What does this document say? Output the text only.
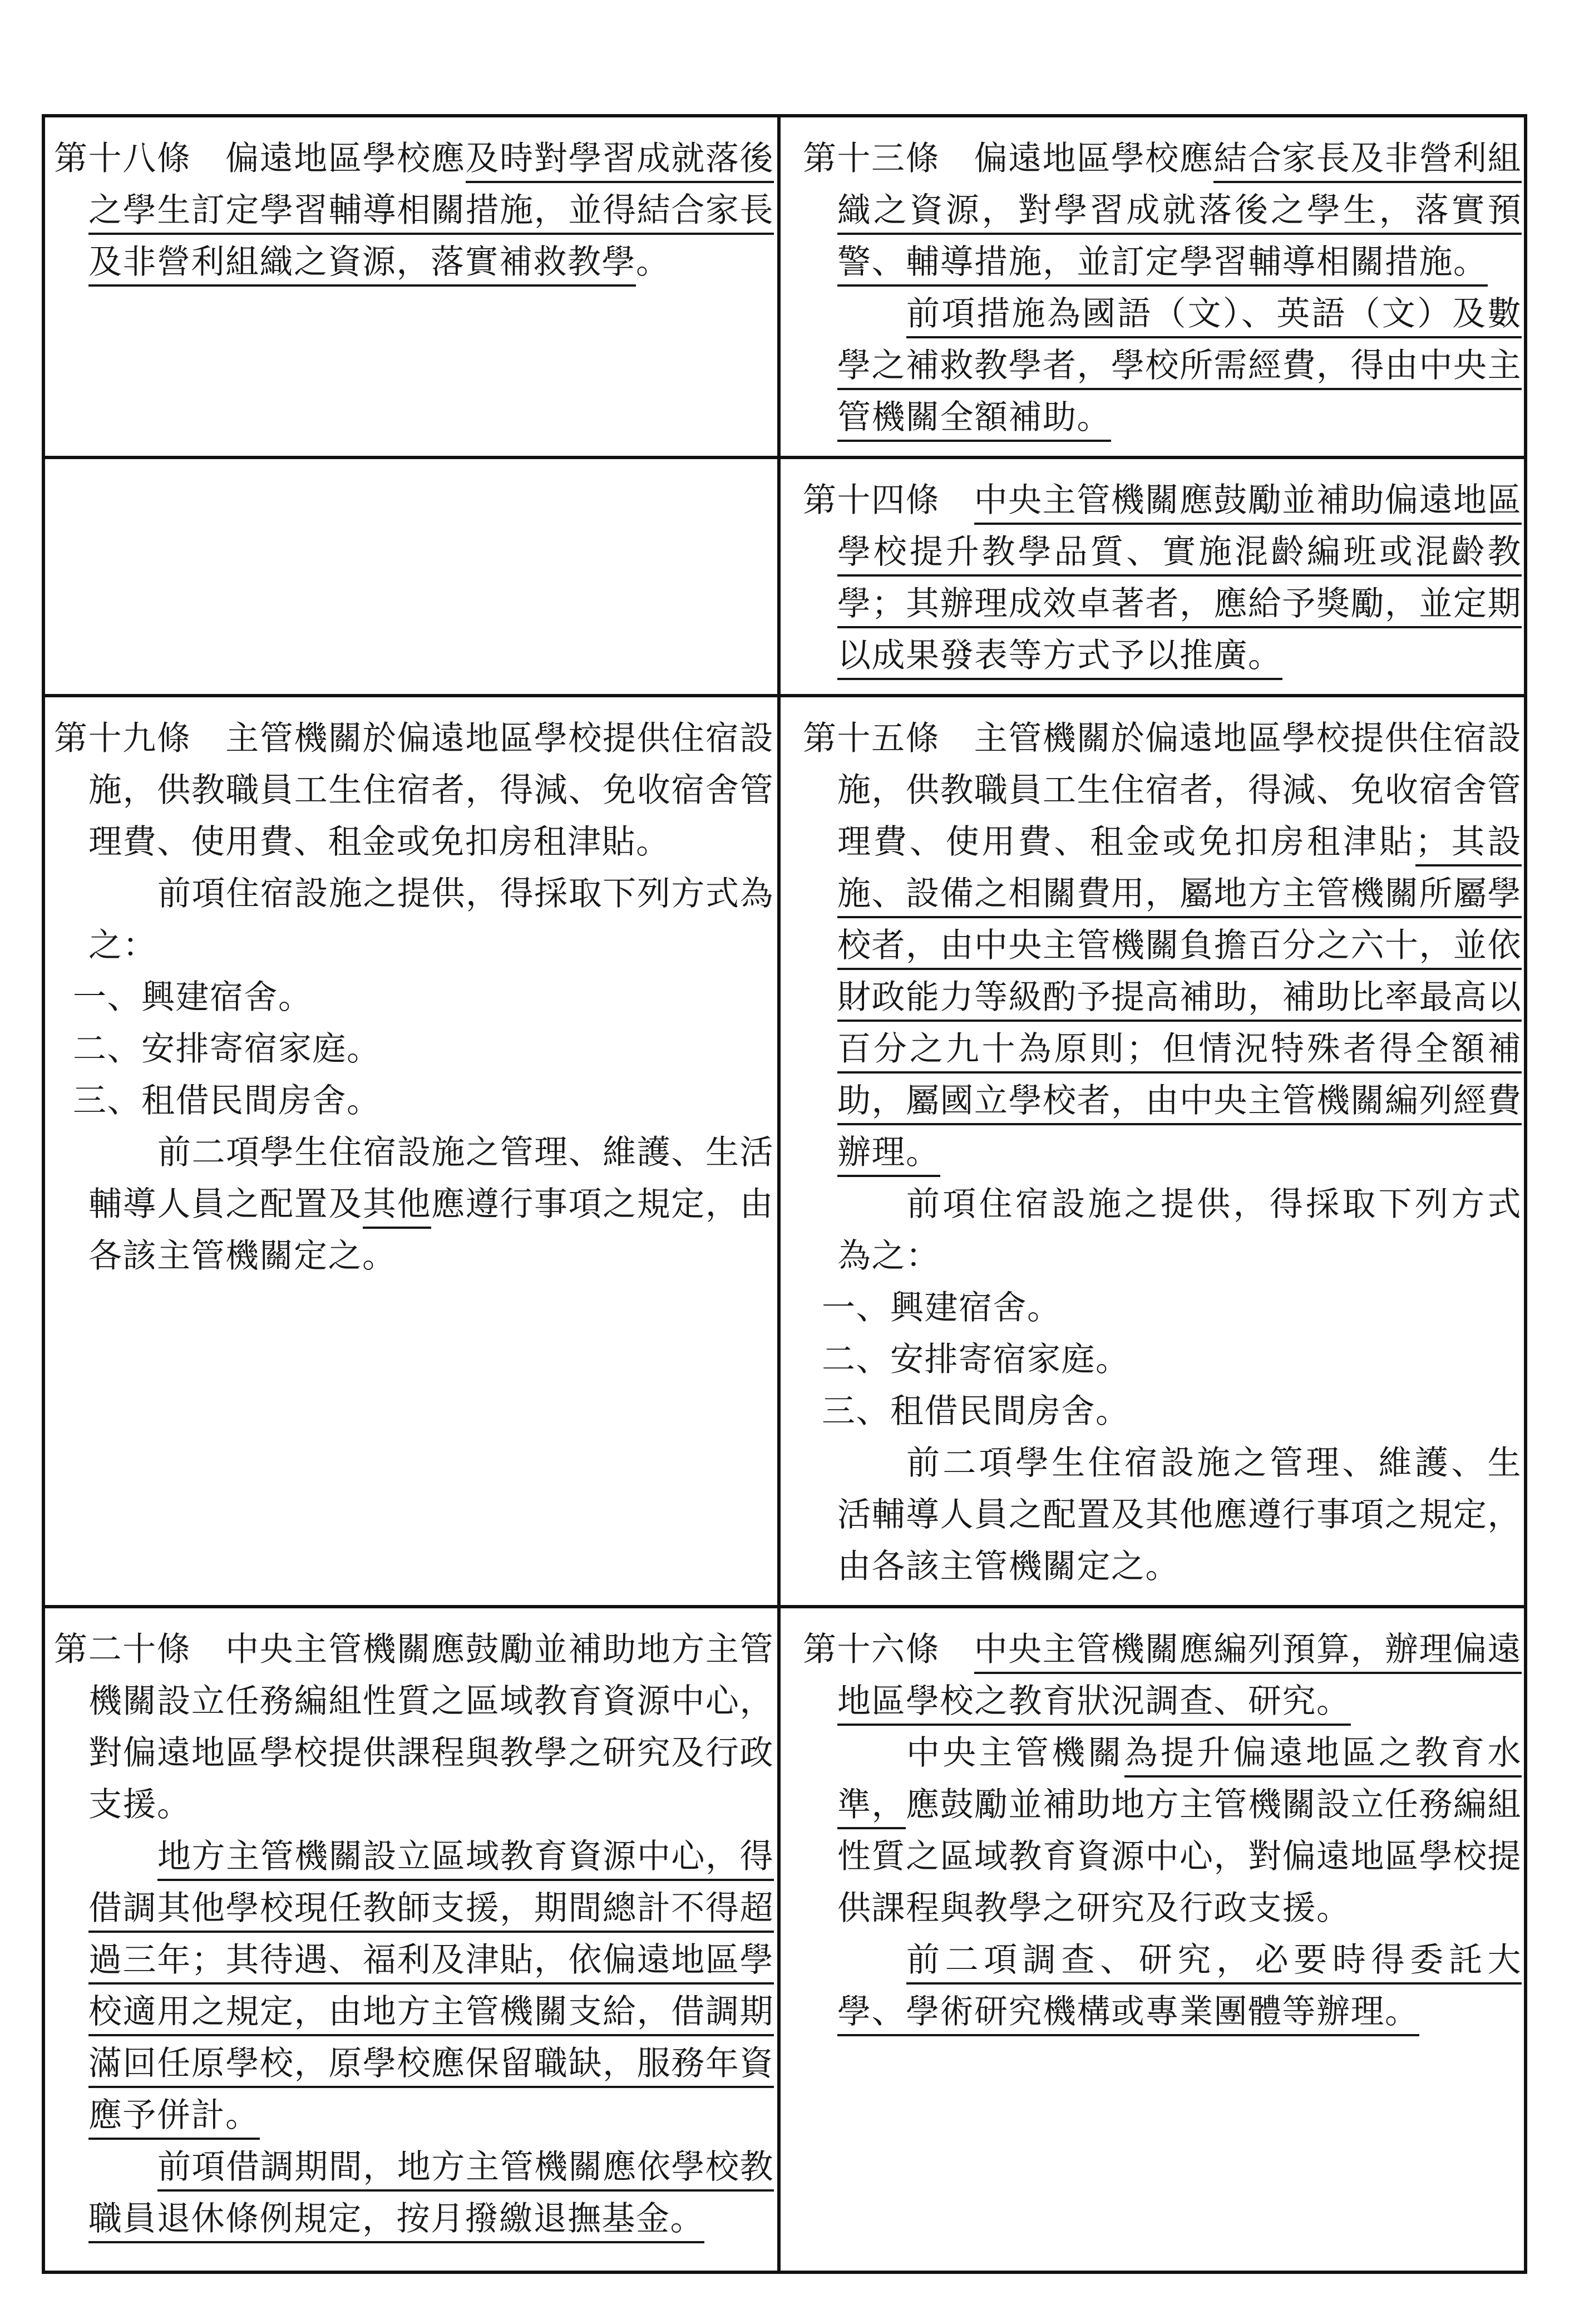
第十八條　偏遠地區學校應及時對學習成就落後之學生訂定學習輔導相關措施，並得結合家長及非營利組織之資源，落實補救教學。

第十三條　偏遠地區學校應結合家長及非營利組織之資源，對學習成就落後之學生，落實預警、輔導措施，並訂定學習輔導相關措施。

前項措施為國語（文）、英語（文）及數學之補救教學者，學校所需經費，得由中央主管機關全額補助。

第十四條　中央主管機關應鼓勵並補助偏遠地區學校提升教學品質、實施混齡編班或混齡教學；其辦理成效卓著者，應給予獎勵，並定期以成果發表等方式予以推廣。

第十九條　主管機關於偏遠地區學校提供住宿設施，供教職員工生住宿者，得減、免收宿舍管理費、使用費、租金或免扣房租津貼。

前項住宿設施之提供，得採取下列方式為之：

一、興建宿舍。

二、安排寄宿家庭。

三、租借民間房舍。

前二項學生住宿設施之管理、維護、生活輔導人員之配置及其他應遵行事項之規定，由各該主管機關定之。

第十五條　主管機關於偏遠地區學校提供住宿設施，供教職員工生住宿者，得減、免收宿舍管理費、使用費、租金或免扣房租津貼；其設施、設備之相關費用，屬地方主管機關所屬學校者，由中央主管機關負擔百分之六十，並依財政能力等級酌予提高補助，補助比率最高以百分之九十為原則；但情況特殊者得全額補助，屬國立學校者，由中央主管機關編列經費辦理。

前項住宿設施之提供，得採取下列方式為之：

一、興建宿舍。

二、安排寄宿家庭。

三、租借民間房舍。

前二項學生住宿設施之管理、維護、生活輔導人員之配置及其他應遵行事項之規定，由各該主管機關定之。

第二十條　中央主管機關應鼓勵並補助地方主管機關設立任務編組性質之區域教育資源中心，對偏遠地區學校提供課程與教學之研究及行政支援。

地方主管機關設立區域教育資源中心，得借調其他學校現任教師支援，期間總計不得超過三年；其待遇、福利及津貼，依偏遠地區學校適用之規定，由地方主管機關支給，借調期滿回任原學校，原學校應保留職缺，服務年資應予併計。

前項借調期間，地方主管機關應依學校教職員退休條例規定，按月撥繳退撫基金。

第十六條　中央主管機關應編列預算，辦理偏遠地區學校之教育狀況調查、研究。

中央主管機關為提升偏遠地區之教育水準，應鼓勵並補助地方主管機關設立任務編組性質之區域教育資源中心，對偏遠地區學校提供課程與教學之研究及行政支援。

前二項調查、研究，必要時得委託大學、學術研究機構或專業團體等辦理。
